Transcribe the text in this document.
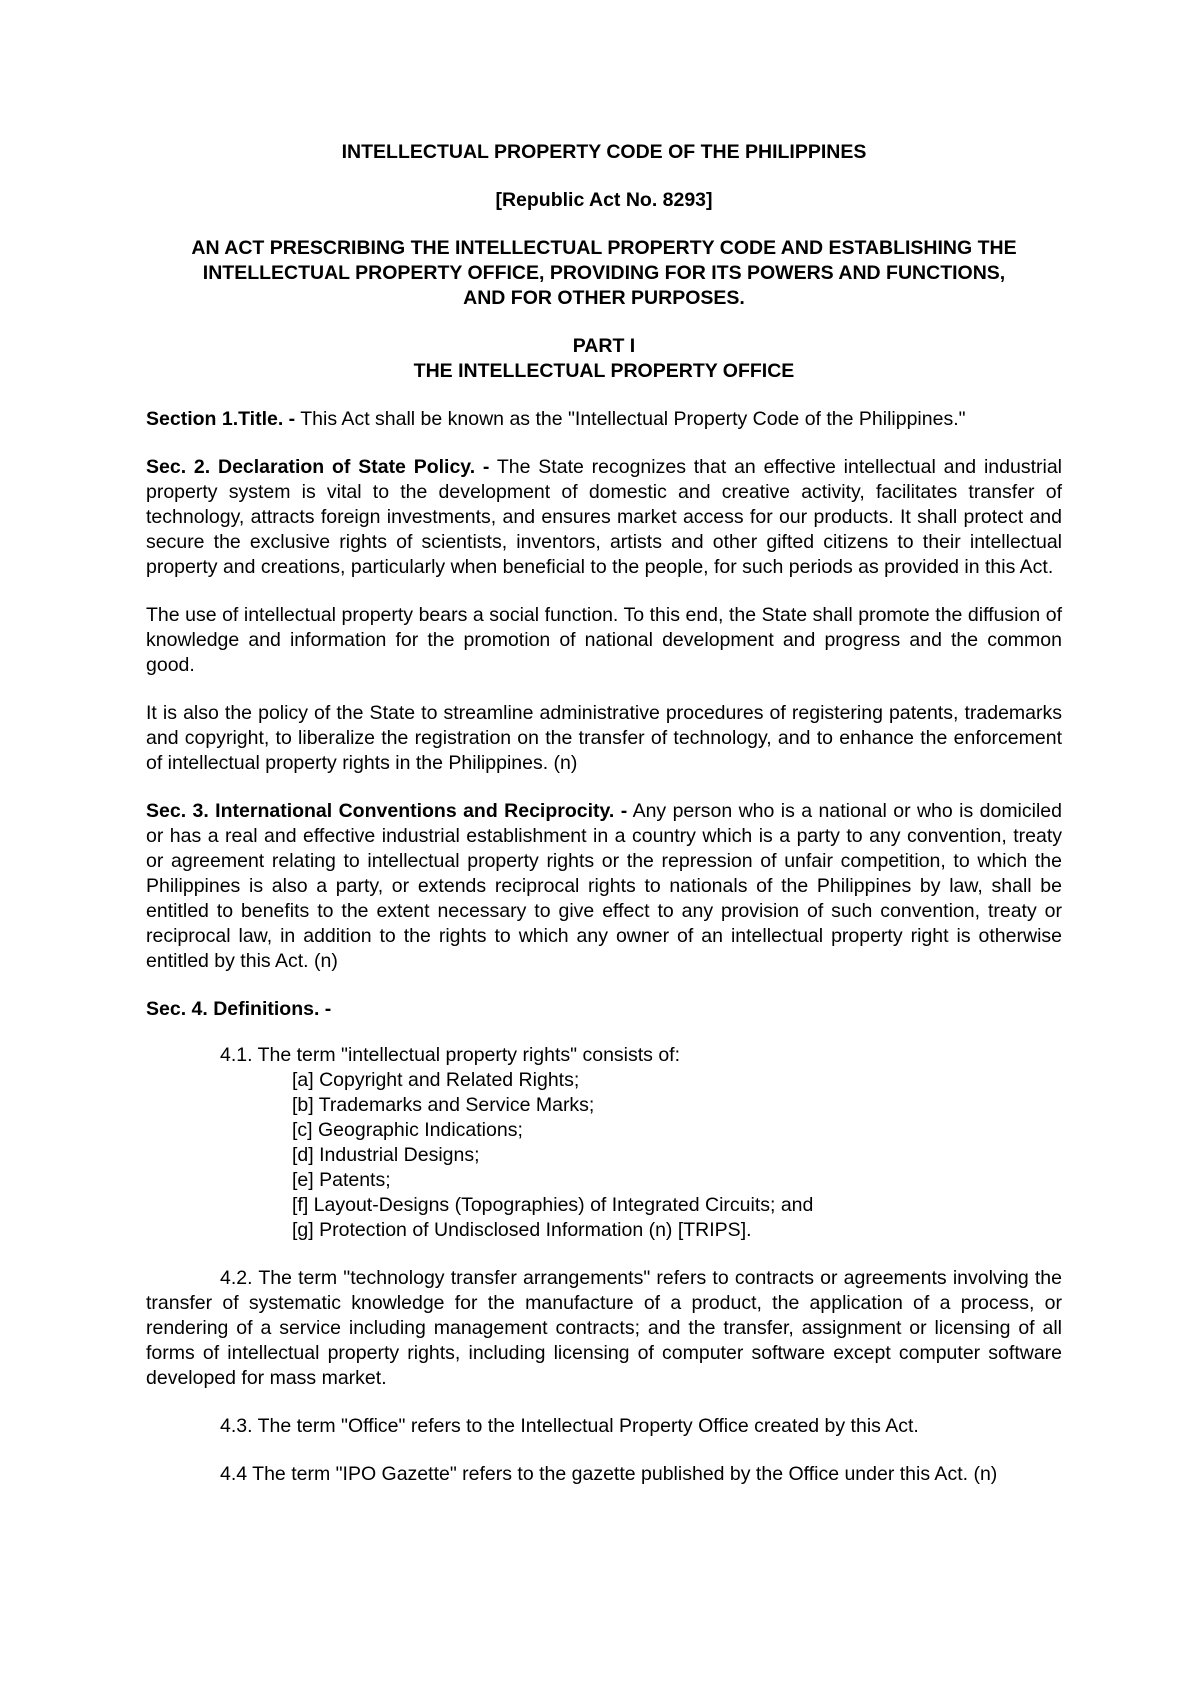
INTELLECTUAL PROPERTY CODE OF THE PHILIPPINES

[Republic Act No. 8293]

AN ACT PRESCRIBING THE INTELLECTUAL PROPERTY CODE AND ESTABLISHING THE
INTELLECTUAL PROPERTY OFFICE, PROVIDING FOR ITS POWERS AND FUNCTIONS,
AND FOR OTHER PURPOSES.
PART I
THE INTELLECTUAL PROPERTY OFFICE

Section 1.Title. - This Act shall be known as the "Intellectual Property Code of the Philippines."

Sec. 2. Declaration of State Policy. - The State recognizes that an effective intellectual and industrial property system is vital to the development of domestic and creative activity, facilitates transfer of technology, attracts foreign investments, and ensures market access for our products. It shall protect and secure the exclusive rights of scientists, inventors, artists and other gifted citizens to their intellectual property and creations, particularly when beneficial to the people, for such periods as provided in this Act.

The use of intellectual property bears a social function. To this end, the State shall promote the diffusion of knowledge and information for the promotion of national development and progress and the common good.

It is also the policy of the State to streamline administrative procedures of registering patents, trademarks and copyright, to liberalize the registration on the transfer of technology, and to enhance the enforcement of intellectual property rights in the Philippines. (n)

Sec. 3. International Conventions and Reciprocity. - Any person who is a national or who is domiciled or has a real and effective industrial establishment in a country which is a party to any convention, treaty or agreement relating to intellectual property rights or the repression of unfair competition, to which the Philippines is also a party, or extends reciprocal rights to nationals of the Philippines by law, shall be entitled to benefits to the extent necessary to give effect to any provision of such convention, treaty or reciprocal law, in addition to the rights to which any owner of an intellectual property right is otherwise entitled by this Act. (n)

Sec. 4. Definitions. -

4.1. The term "intellectual property rights" consists of:

[a] Copyright and Related Rights;
[b] Trademarks and Service Marks;
[c] Geographic Indications;
[d] Industrial Designs;
[e] Patents;
[f] Layout-Designs (Topographies) of Integrated Circuits; and
[g] Protection of Undisclosed Information (n) [TRIPS].

4.2. The term "technology transfer arrangements" refers to contracts or agreements involving the transfer of systematic knowledge for the manufacture of a product, the application of a process, or rendering of a service including management contracts; and the transfer, assignment or licensing of all forms of intellectual property rights, including licensing of computer software except computer software developed for mass market.

4.3. The term "Office" refers to the Intellectual Property Office created by this Act.

4.4 The term "IPO Gazette" refers to the gazette published by the Office under this Act. (n)
